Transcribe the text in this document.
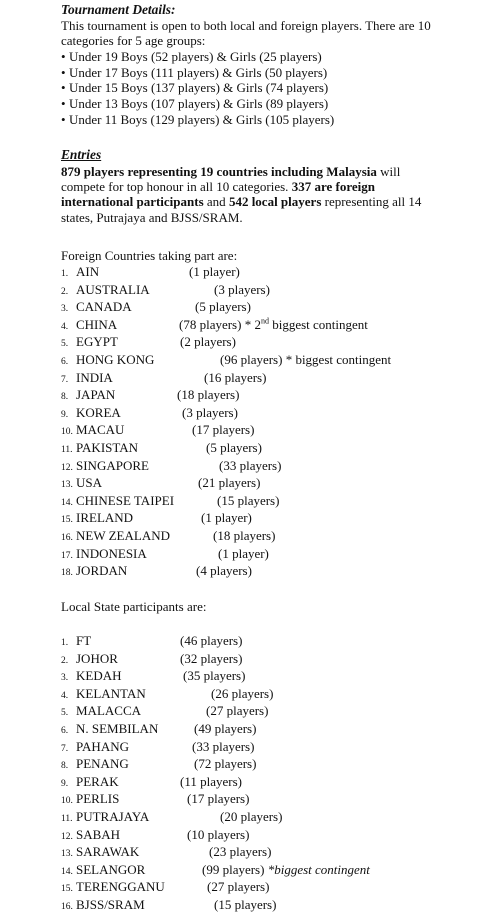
Tournament Details:
This tournament is open to both local and foreign players. There are 10 categories for 5 age groups:
• Under 19 Boys (52 players) & Girls (25 players)
• Under 17 Boys (111 players) & Girls (50 players)
• Under 15 Boys (137 players) & Girls (74 players)
• Under 13 Boys (107 players) & Girls (89 players)
• Under 11 Boys (129 players) & Girls (105 players)
Entries
879 players representing 19 countries including Malaysia will compete for top honour in all 10 categories. 337 are foreign international participants and 542 local players representing all 14 states, Putrajaya and BJSS/SRAM.
Foreign Countries taking part are:
1. AIN	(1 player)
2. AUSTRALIA	(3 players)
3. CANADA	(5 players)
4. CHINA	(78 players) * 2nd biggest contingent
5. EGYPT	(2 players)
6. HONG KONG	(96 players) * biggest contingent
7. INDIA	(16 players)
8. JAPAN	(18 players)
9. KOREA	(3 players)
10. MACAU	(17 players)
11. PAKISTAN	(5 players)
12. SINGAPORE	(33 players)
13. USA	(21 players)
14. CHINESE TAIPEI	(15 players)
15. IRELAND	(1 player)
16. NEW ZEALAND	(18 players)
17. INDONESIA	(1 player)
18. JORDAN	(4 players)
Local State participants are:
1. FT	(46 players)
2. JOHOR	(32 players)
3. KEDAH	(35 players)
4. KELANTAN	(26 players)
5. MALACCA	(27 players)
6. N. SEMBILAN	(49 players)
7. PAHANG	(33 players)
8. PENANG	(72 players)
9. PERAK	(11 players)
10. PERLIS	(17 players)
11. PUTRAJAYA	(20 players)
12. SABAH	(10 players)
13. SARAWAK	(23 players)
14. SELANGOR	(99 players) *biggest contingent
15. TERENGGANU	(27 players)
16. BJSS/SRAM	(15 players)
